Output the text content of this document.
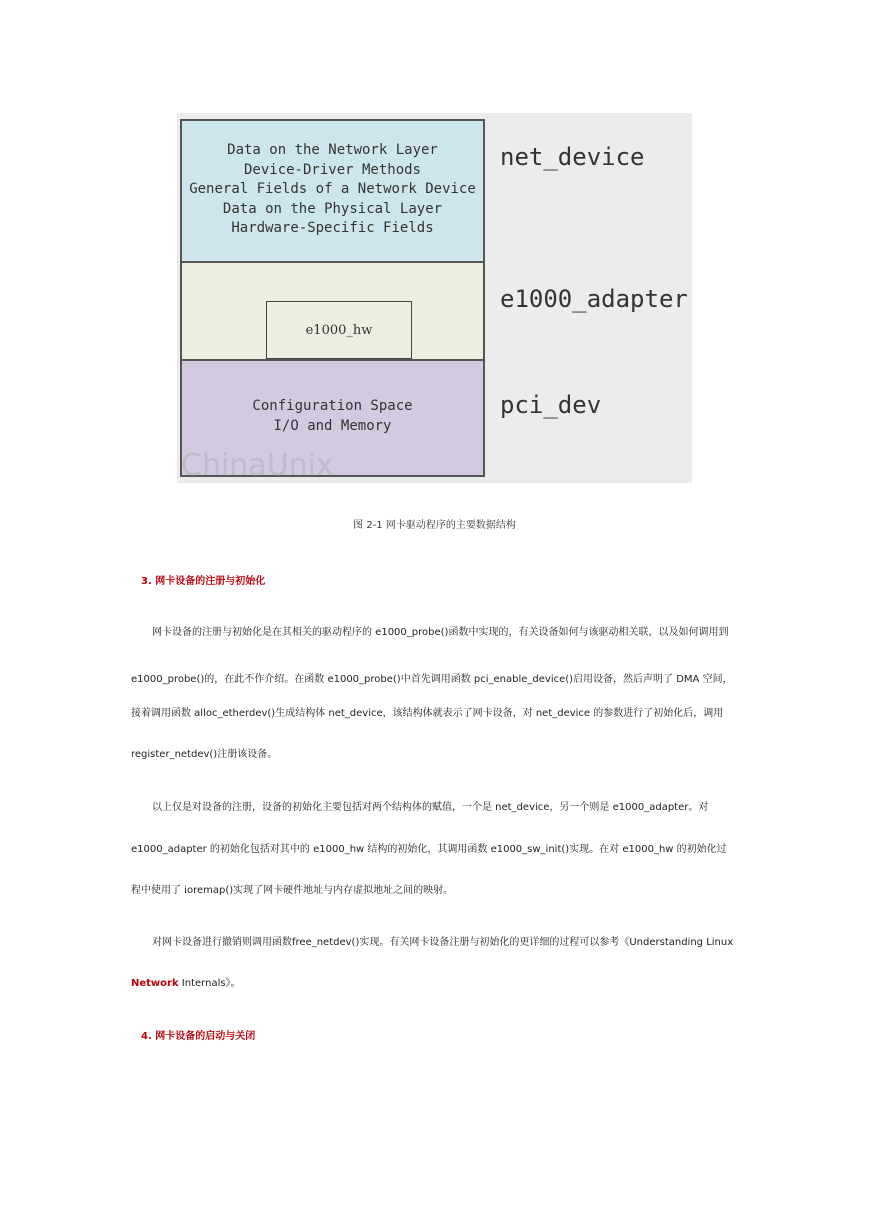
Data on the Network Layer
Device-Driver Methods
General Fields of a Network Device
Data on the Physical Layer
Hardware-Specific Fields
e1000_hw
Configuration Space
I/O and Memory
net_device
e1000_adapter
pci_dev
ChinaUnix
图 2-1 网卡驱动程序的主要数据结构
3. 网卡设备的注册与初始化
网卡设备的注册与初始化是在其相关的驱动程序的 e1000_probe()函数中实现的，有关设备如何与该驱动相关联，以及如何调用到
e1000_probe()的，在此不作介绍。在函数 e1000_probe()中首先调用函数 pci_enable_device()启用设备，然后声明了 DMA 空间，
接着调用函数 alloc_etherdev()生成结构体 net_device，该结构体就表示了网卡设备，对 net_device 的参数进行了初始化后，调用
register_netdev()注册该设备。
以上仅是对设备的注册，设备的初始化主要包括对两个结构体的赋值，一个是 net_device，另一个则是 e1000_adapter。对
e1000_adapter 的初始化包括对其中的 e1000_hw 结构的初始化，其调用函数 e1000_sw_init()实现。在对 e1000_hw 的初始化过
程中使用了 ioremap()实现了网卡硬件地址与内存虚拟地址之间的映射。
对网卡设备进行撤销则调用函数free_netdev()实现。有关网卡设备注册与初始化的更详细的过程可以参考《Understanding Linux
Network Internals》。
4. 网卡设备的启动与关闭
